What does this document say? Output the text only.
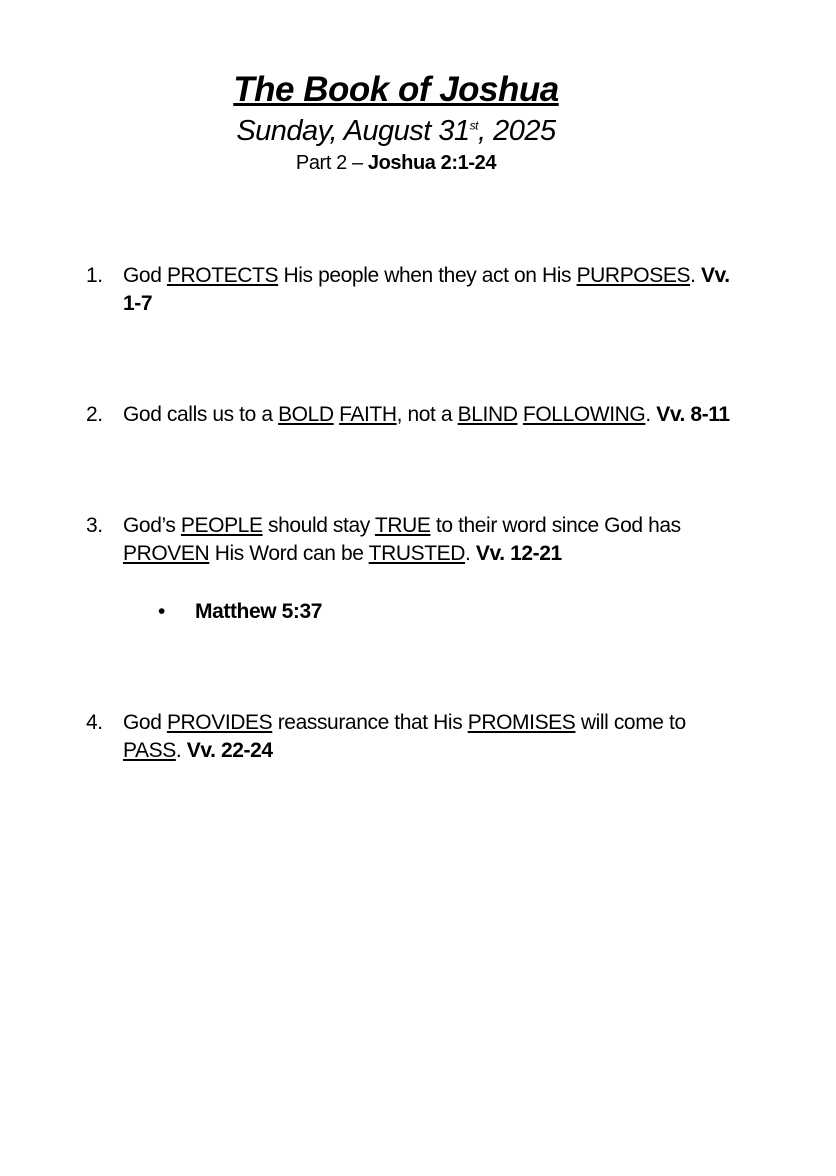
The Book of Joshua
Sunday, August 31st, 2025
Part 2 – Joshua 2:1-24
1. God PROTECTS His people when they act on His PURPOSES. Vv. 1-7
2. God calls us to a BOLD FAITH, not a BLIND FOLLOWING. Vv. 8-11
3. God’s PEOPLE should stay TRUE to their word since God has PROVEN His Word can be TRUSTED. Vv. 12-21
• Matthew 5:37
4. God PROVIDES reassurance that His PROMISES will come to PASS. Vv. 22-24
